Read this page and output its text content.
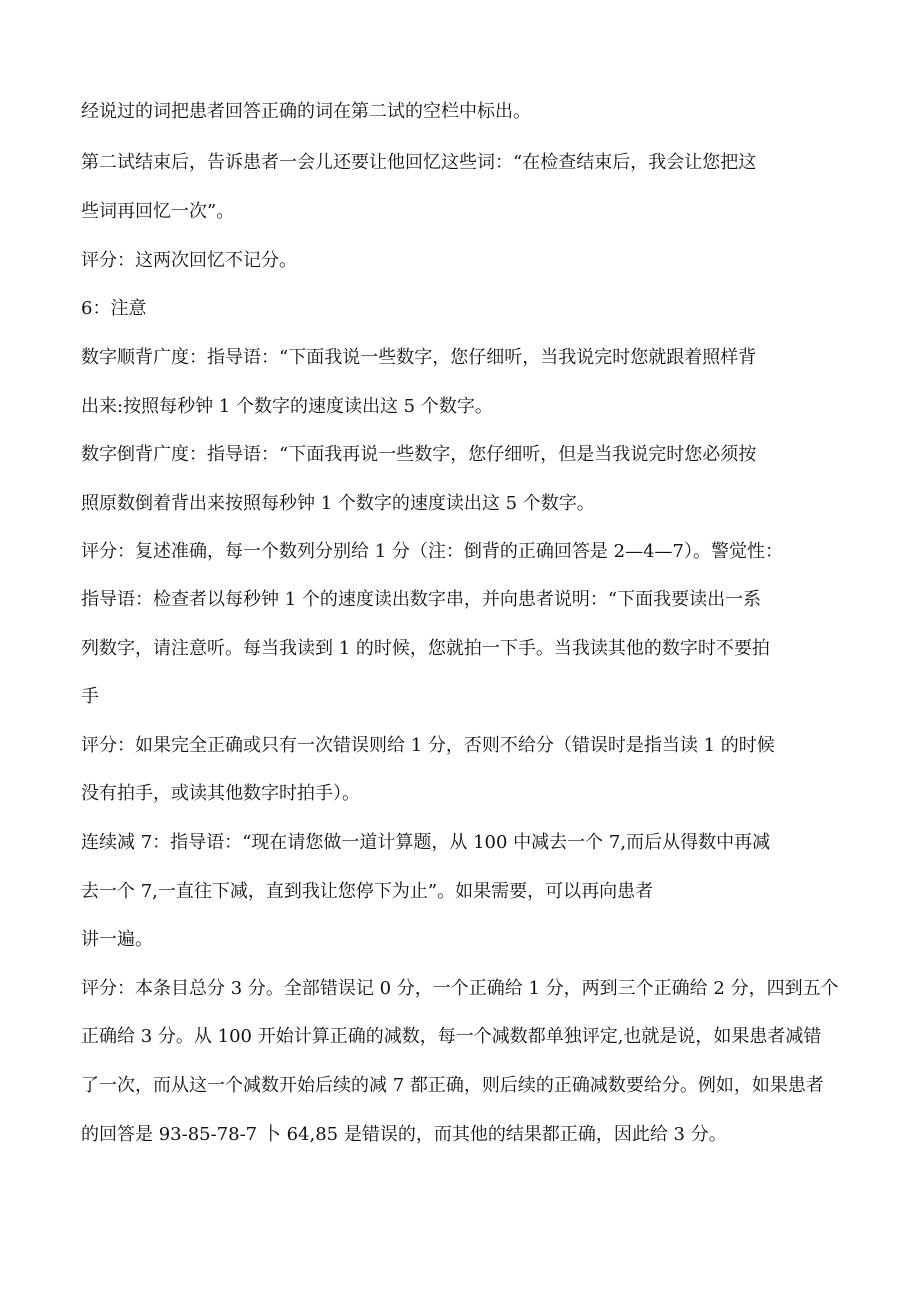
经说过的词把患者回答正确的词在第二试的空栏中标出。

第二试结束后，告诉患者一会儿还要让他回忆这些词：“在检查结束后，我会让您把这

些词再回忆一次”。

评分：这两次回忆不记分。

6：注意

数字顺背广度：指导语：“下面我说一些数字，您仔细听，当我说完时您就跟着照样背

出来:按照每秒钟 1 个数字的速度读出这 5 个数字。

数字倒背广度：指导语：“下面我再说一些数字，您仔细听，但是当我说完时您必须按

照原数倒着背出来按照每秒钟 1 个数字的速度读出这 5 个数字。

评分：复述准确，每一个数列分别给 1 分（注：倒背的正确回答是 2—4—7）。警觉性：

指导语：检查者以每秒钟 1 个的速度读出数字串，并向患者说明：“下面我要读出一系

列数字，请注意听。每当我读到 1 的时候，您就拍一下手。当我读其他的数字时不要拍

手

评分：如果完全正确或只有一次错误则给 1 分，否则不给分（错误时是指当读 1 的时候

没有拍手，或读其他数字时拍手）。

连续减 7：指导语：“现在请您做一道计算题，从 100 中减去一个 7,而后从得数中再减

去一个 7,一直往下减，直到我让您停下为止”。如果需要，可以再向患者

讲一遍。

评分：本条目总分 3 分。全部错误记 0 分，一个正确给 1 分，两到三个正确给 2 分，四到五个

正确给 3 分。从 100 开始计算正确的减数，每一个减数都单独评定,也就是说，如果患者减错

了一次，而从这一个减数开始后续的减 7 都正确，则后续的正确减数要给分。例如，如果患者

的回答是 93-85-78-7 卜 64,85 是错误的，而其他的结果都正确，因此给 3 分。
